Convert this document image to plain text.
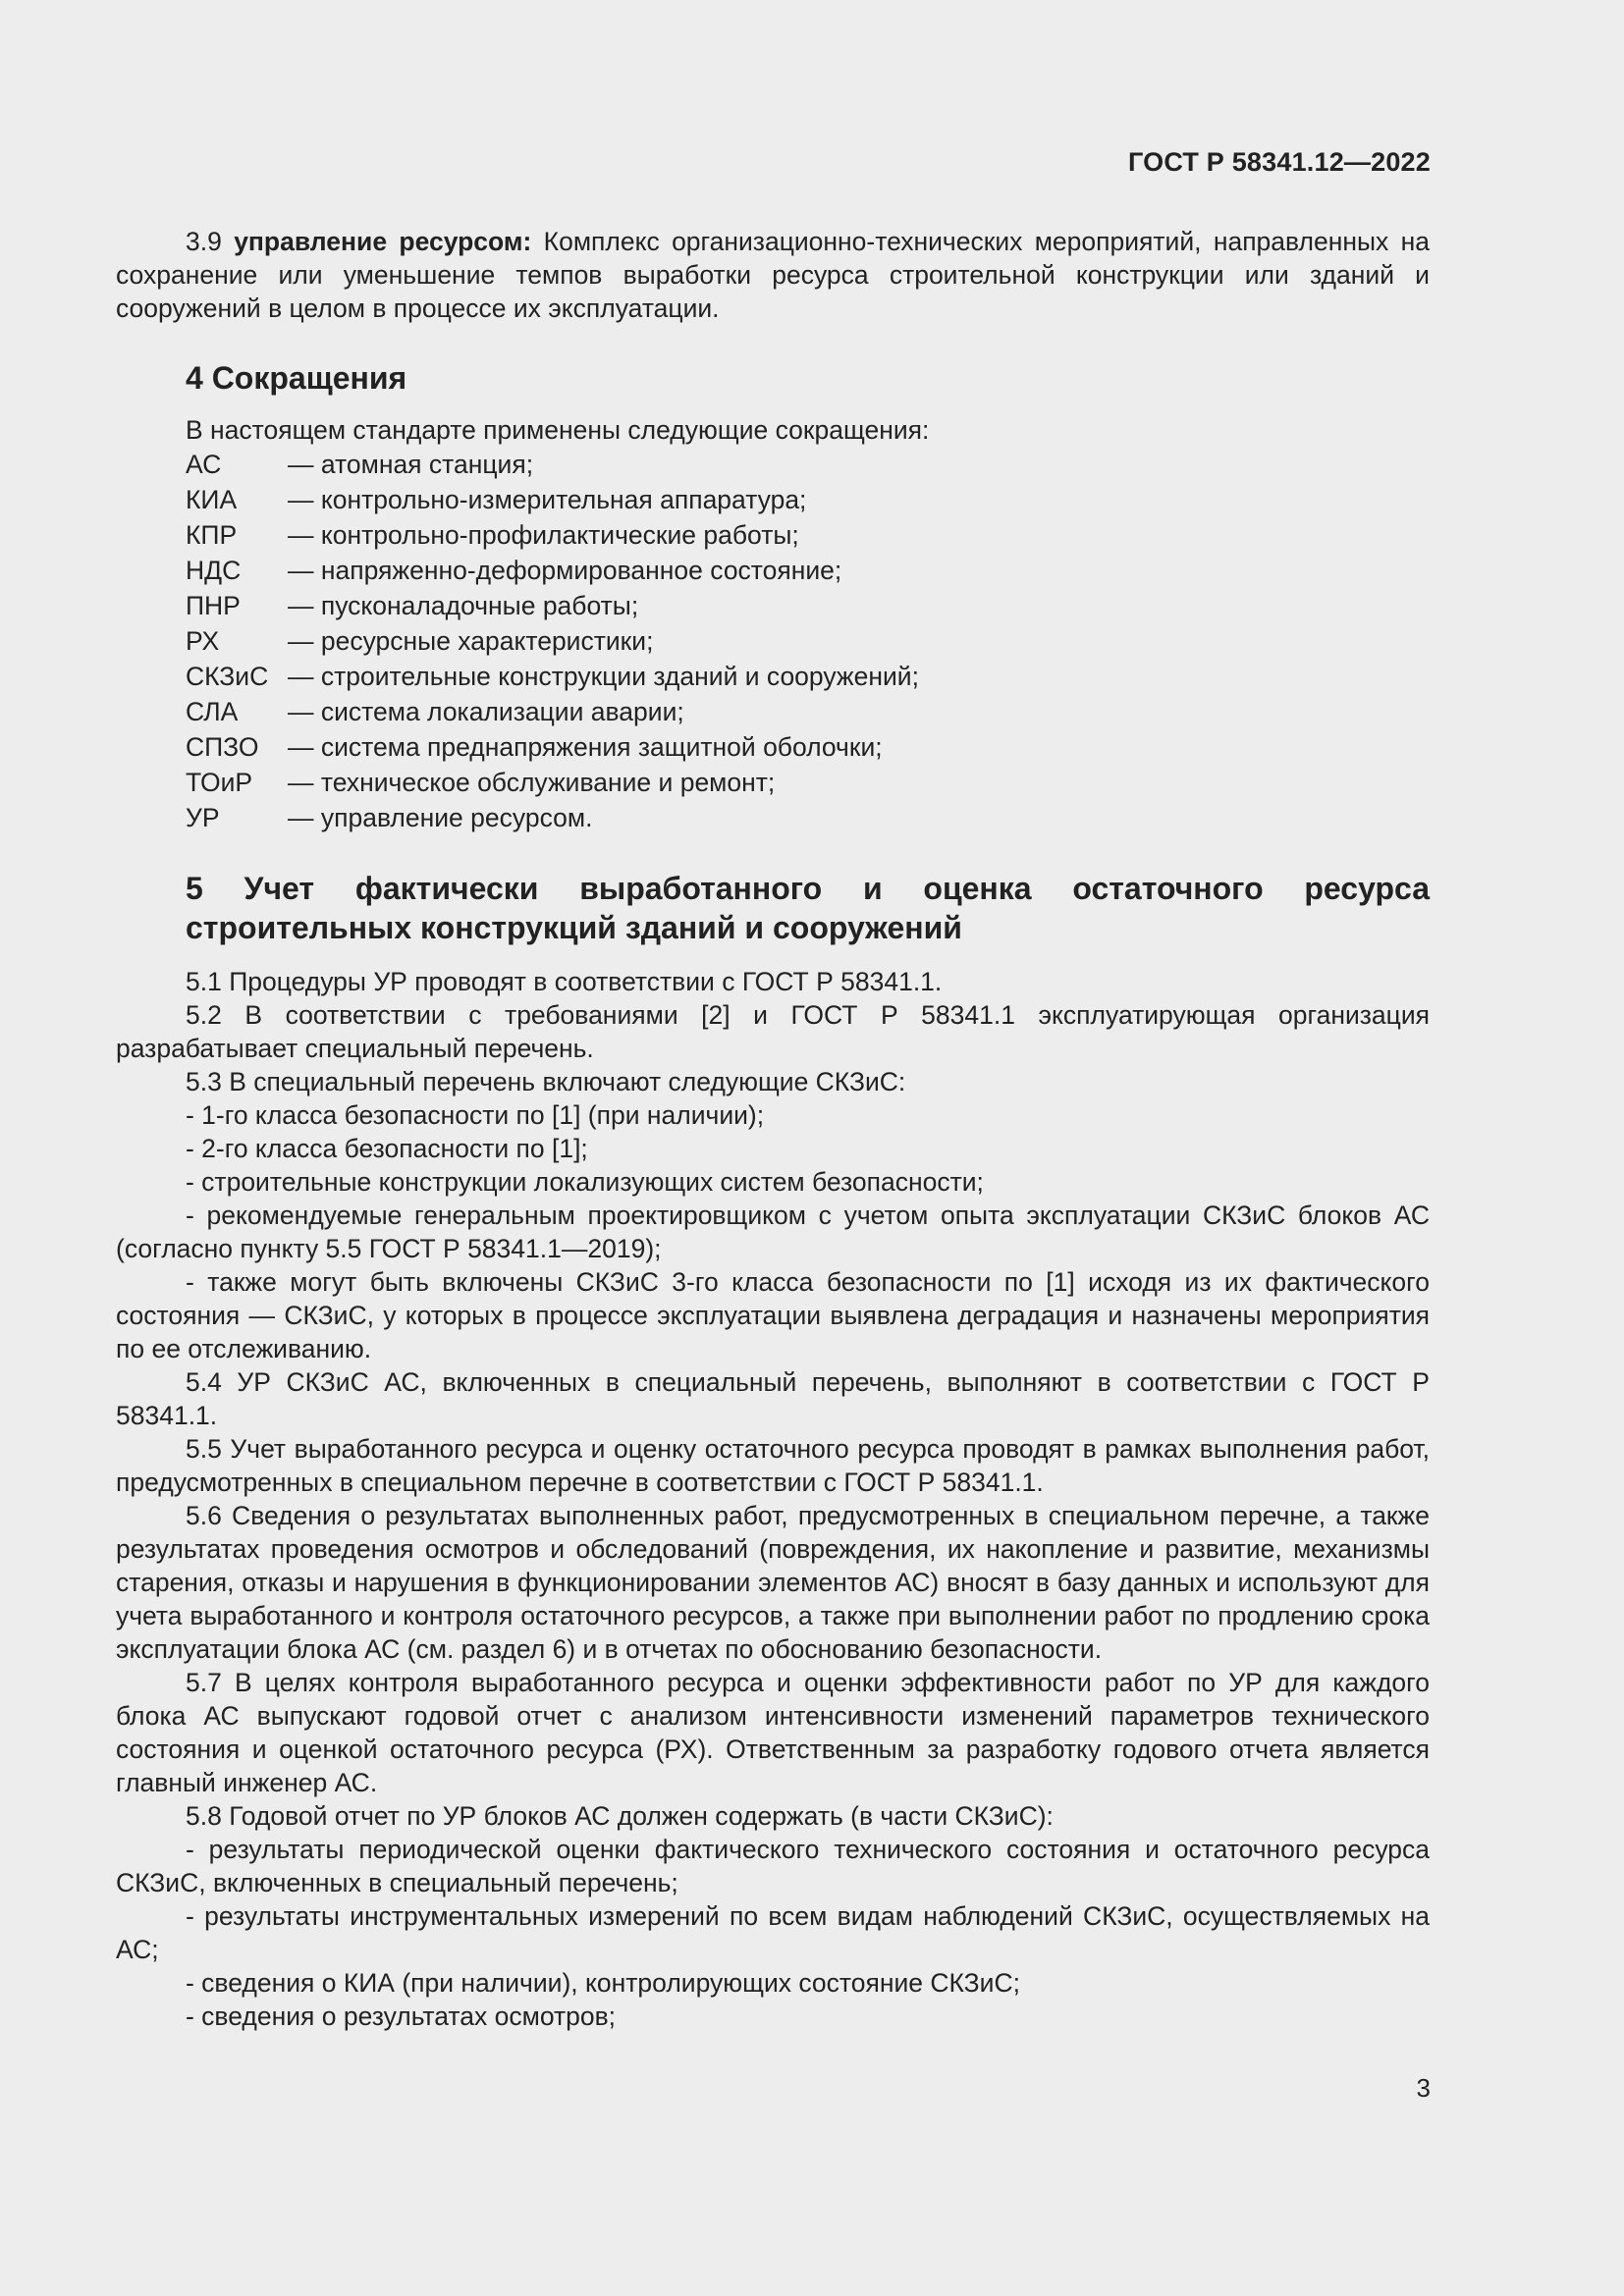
ГОСТ Р 58341.12—2022

3.9 управление ресурсом: Комплекс организационно-технических мероприятий, направленных на сохранение или уменьшение темпов выработки ресурса строительной конструкции или зданий и сооружений в целом в процессе их эксплуатации.

4 Сокращения

В настоящем стандарте применены следующие сокращения:

АС	— атомная станция;
КИА	— контрольно-измерительная аппаратура;
КПР	— контрольно-профилактические работы;
НДС	— напряженно-деформированное состояние;
ПНР	— пусконаладочные работы;
РХ	— ресурсные характеристики;
СКЗиС — строительные конструкции зданий и сооружений;
СЛА	— система локализации аварии;
СПЗО	— система преднапряжения защитной оболочки;
ТОиР	— техническое обслуживание и ремонт;
УР	— управление ресурсом.
5 Учет фактически выработанного и оценка остаточного ресурса строительных конструкций зданий и сооружений

5.1 Процедуры УР проводят в соответствии с ГОСТ Р 58341.1.

5.2 В соответствии с требованиями [2] и ГОСТ Р 58341.1 эксплуатирующая организация разрабатывает специальный перечень.

5.3 В специальный перечень включают следующие СКЗиС:

- 1-го класса безопасности по [1] (при наличии);

- 2-го класса безопасности по [1];

- строительные конструкции локализующих систем безопасности;

- рекомендуемые генеральным проектировщиком с учетом опыта эксплуатации СКЗиС блоков АС (согласно пункту 5.5 ГОСТ Р 58341.1—2019);

- также могут быть включены СКЗиС 3-го класса безопасности по [1] исходя из их фактического состояния — СКЗиС, у которых в процессе эксплуатации выявлена деградация и назначены мероприятия по ее отслеживанию.

5.4 УР СКЗиС АС, включенных в специальный перечень, выполняют в соответствии с ГОСТ Р 58341.1.

5.5 Учет выработанного ресурса и оценку остаточного ресурса проводят в рамках выполнения работ, предусмотренных в специальном перечне в соответствии с ГОСТ Р 58341.1.

5.6 Сведения о результатах выполненных работ, предусмотренных в специальном перечне, а также результатах проведения осмотров и обследований (повреждения, их накопление и развитие, механизмы старения, отказы и нарушения в функционировании элементов АС) вносят в базу данных и используют для учета выработанного и контроля остаточного ресурсов, а также при выполнении работ по продлению срока эксплуатации блока АС (см. раздел 6) и в отчетах по обоснованию безопасности.

5.7 В целях контроля выработанного ресурса и оценки эффективности работ по УР для каждого блока АС выпускают годовой отчет с анализом интенсивности изменений параметров технического состояния и оценкой остаточного ресурса (РХ). Ответственным за разработку годового отчета является главный инженер АС.

5.8 Годовой отчет по УР блоков АС должен содержать (в части СКЗиС):

- результаты периодической оценки фактического технического состояния и остаточного ресурса СКЗиС, включенных в специальный перечень;

- результаты инструментальных измерений по всем видам наблюдений СКЗиС, осуществляемых на АС;

- сведения о КИА (при наличии), контролирующих состояние СКЗиС;

- сведения о результатах осмотров;

3
